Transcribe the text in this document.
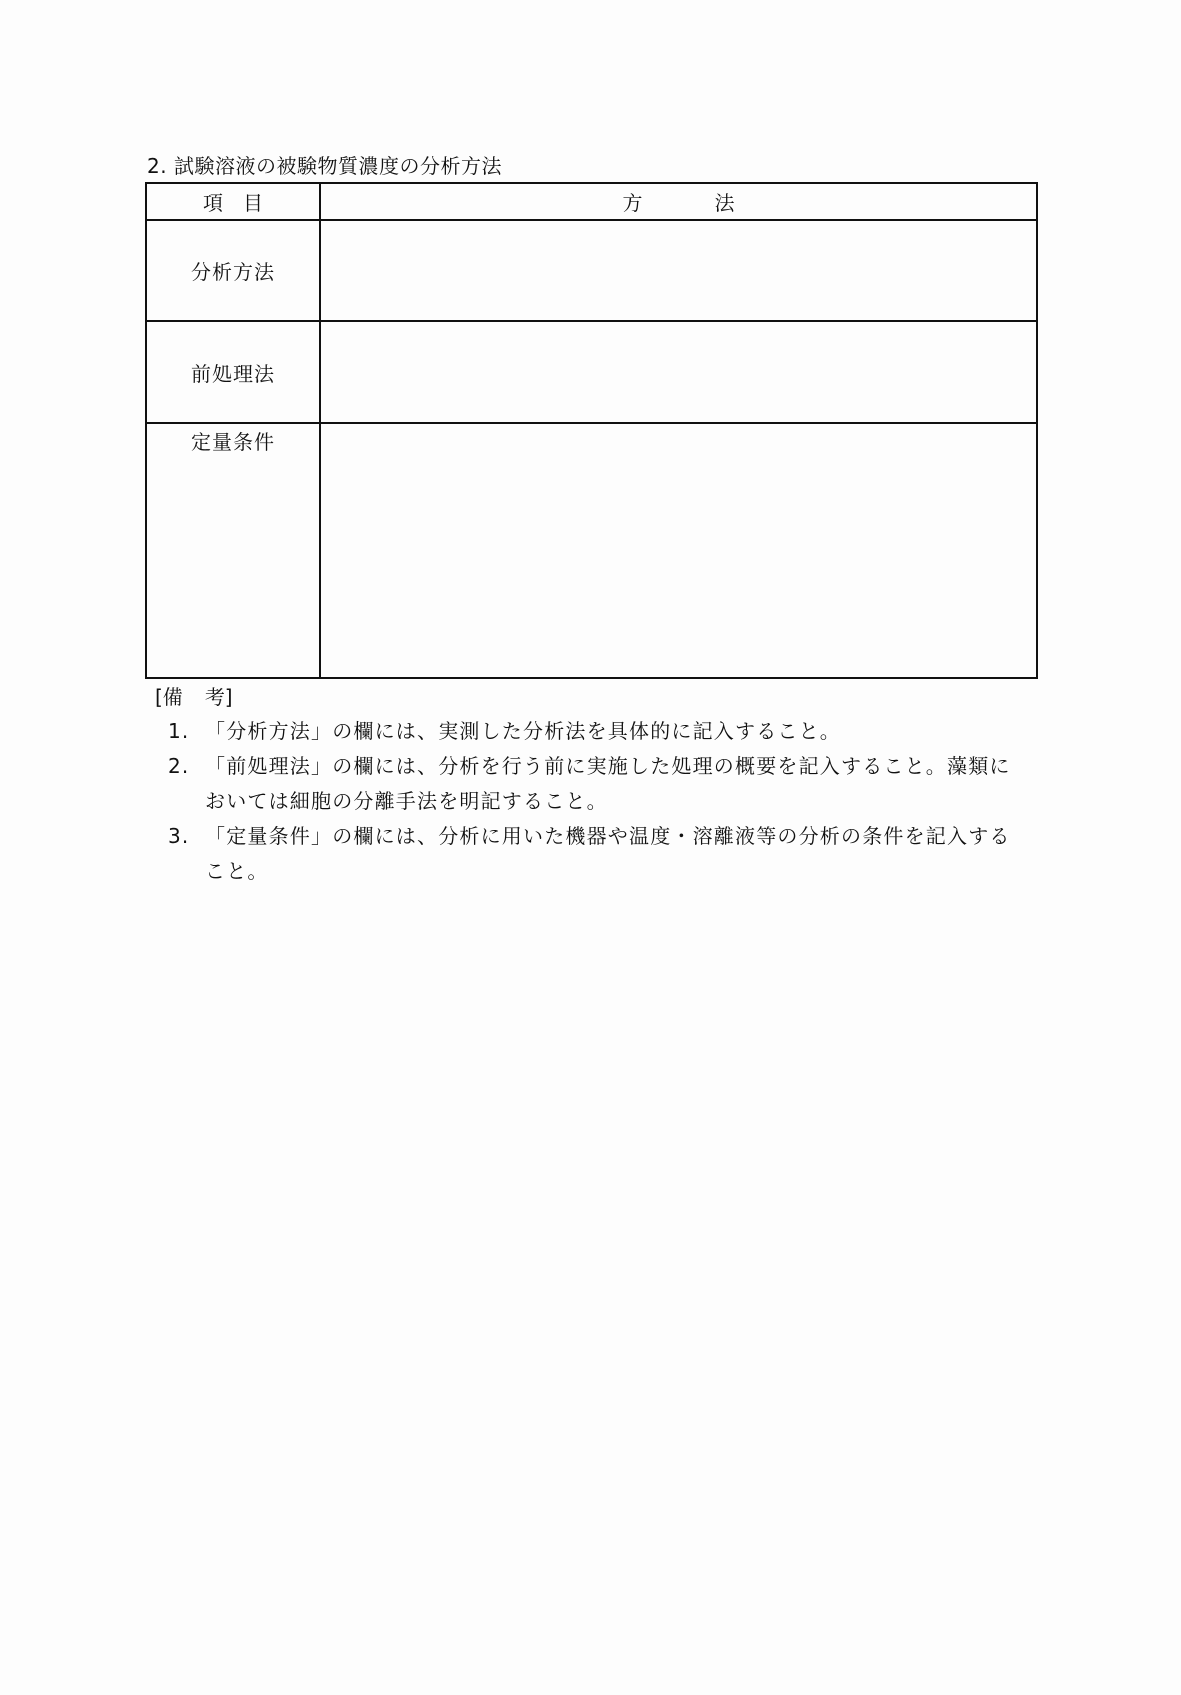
2. 試験溶液の被験物質濃度の分析方法
項目	方 法
分析方法	
前処理法	
定量条件	
[備 考]
1. 「分析方法」の欄には、実測した分析法を具体的に記入すること。
2. 「前処理法」の欄には、分析を行う前に実施した処理の概要を記入すること。藻類に
おいては細胞の分離手法を明記すること。
3. 「定量条件」の欄には、分析に用いた機器や温度・溶離液等の分析の条件を記入する
こと。
